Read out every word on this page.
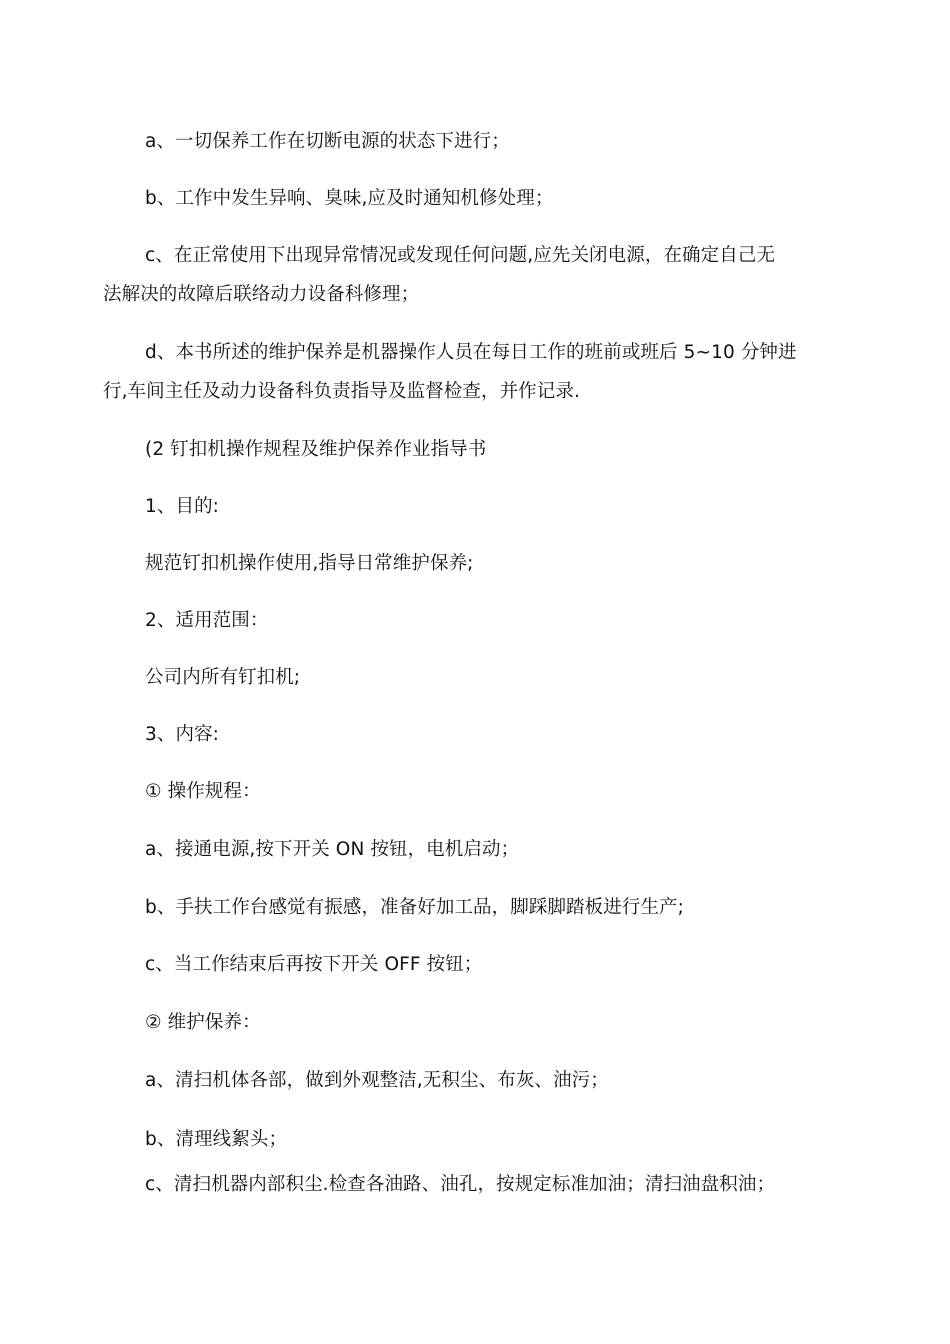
a、一切保养工作在切断电源的状态下进行；
b、工作中发生异响、臭味,应及时通知机修处理；
c、在正常使用下出现异常情况或发现任何问题,应先关闭电源，在确定自己无
法解决的故障后联络动力设备科修理；
d、本书所述的维护保养是机器操作人员在每日工作的班前或班后 5~10 分钟进
行,车间主任及动力设备科负责指导及监督检查，并作记录.
(2 钉扣机操作规程及维护保养作业指导书
1、目的:
规范钉扣机操作使用,指导日常维护保养;
2、适用范围：
公司内所有钉扣机;
3、内容:
① 操作规程：
a、接通电源,按下开关 ON 按钮，电机启动；
b、手扶工作台感觉有振感，准备好加工品，脚踩脚踏板进行生产;
c、当工作结束后再按下开关 OFF 按钮；
② 维护保养：
a、清扫机体各部，做到外观整洁,无积尘、布灰、油污；
b、清理线絮头；
c、清扫机器内部积尘.检查各油路、油孔，按规定标准加油；清扫油盘积油；
